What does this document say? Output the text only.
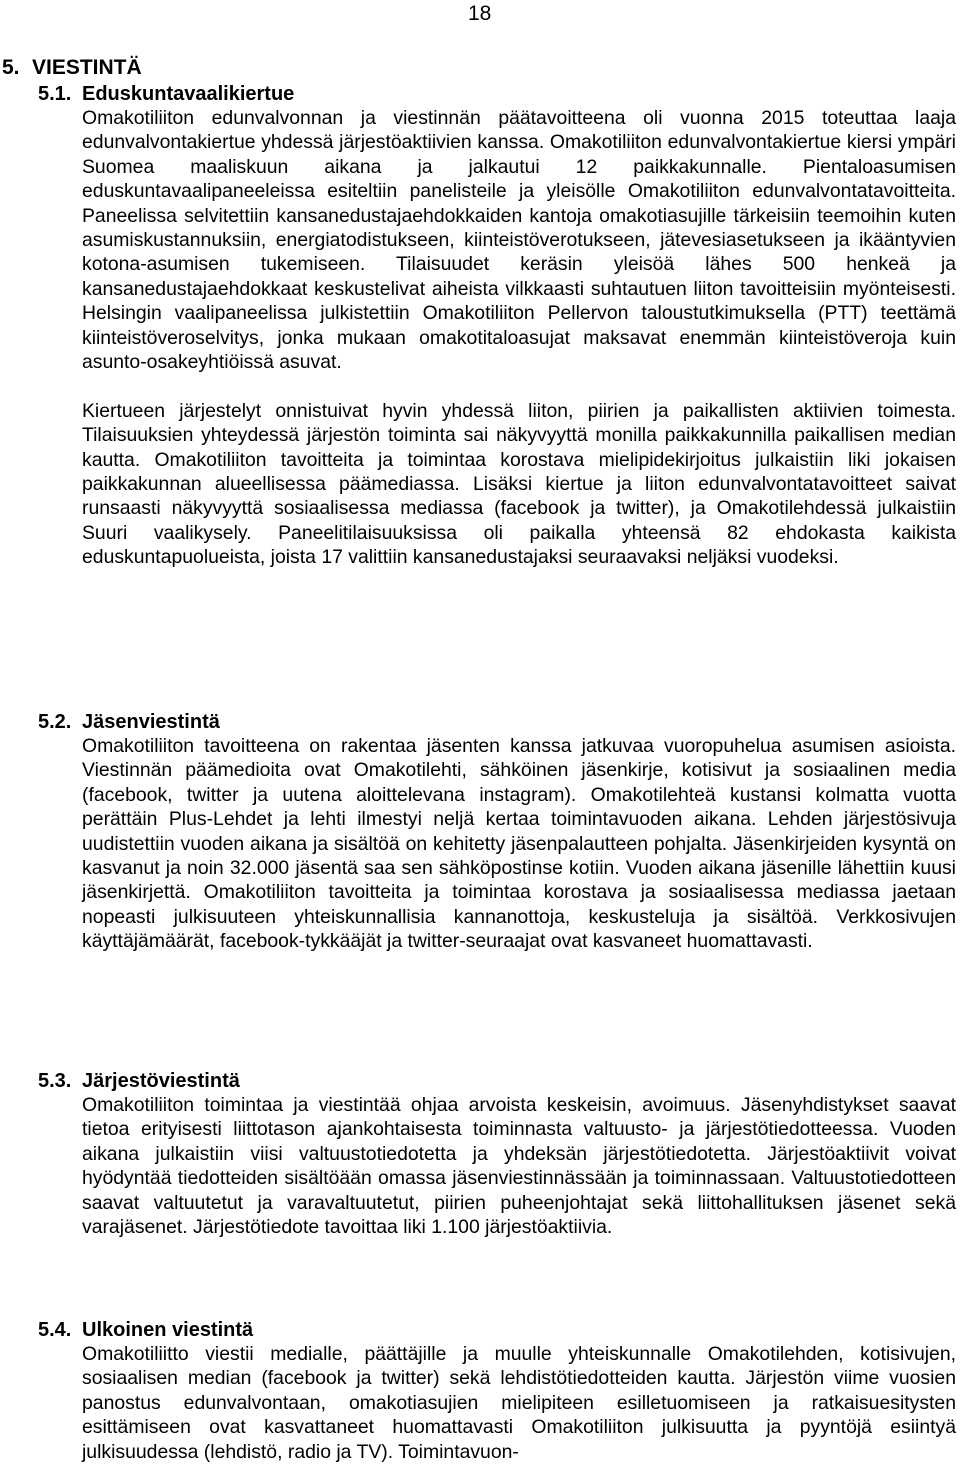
18
5. VIESTINTÄ
5.1. Eduskuntavaalikiertue

Omakotiliiton edunvalvonnan ja viestinnän päätavoitteena oli vuonna 2015 toteuttaa laaja edunvalvontakiertue yhdessä järjestöaktiivien kanssa. Omakotiliiton edunvalvontakiertue kiersi ympäri Suomea maaliskuun aikana ja jalkautui 12 paikkakunnalle. Pientaloasumisen eduskuntavaalipaneeleissa esiteltiin panelisteile ja yleisölle Omakotiliiton edunvalvontatavoitteita. Paneelissa selvitettiin kansanedustajaehdokkaiden kantoja omakotiasujille tärkeisiin teemoihin kuten asumiskustannuksiin, energiatodistukseen, kiinteistöverotukseen, jätevesiasetukseen ja ikääntyvien kotona-asumisen tukemiseen. Tilaisuudet keräsin yleisöä lähes 500 henkeä ja kansanedustajaehdokkaat keskustelivat aiheista vilkkaasti suhtautuen liiton tavoitteisiin myönteisesti. Helsingin vaalipaneelissa julkistettiin Omakotiliiton Pellervon taloustutkimuksella (PTT) teettämä kiinteistöveroselvitys, jonka mukaan omakotitaloasujat maksavat enemmän kiinteistöveroja kuin asunto-osakeyhtiöissä asuvat.

Kiertueen järjestelyt onnistuivat hyvin yhdessä liiton, piirien ja paikallisten aktiivien toimesta. Tilaisuuksien yhteydessä järjestön toiminta sai näkyvyyttä monilla paikkakunnilla paikallisen median kautta. Omakotiliiton tavoitteita ja toimintaa korostava mielipidekirjoitus julkaistiin liki jokaisen paikkakunnan alueellisessa päämediassa. Lisäksi kiertue ja liiton edunvalvontatavoitteet saivat runsaasti näkyvyyttä sosiaalisessa mediassa (facebook ja twitter), ja Omakotilehdessä julkaistiin Suuri vaalikysely. Paneelitilaisuuksissa oli paikalla yhteensä 82 ehdokasta kaikista eduskuntapuolueista, joista 17 valittiin kansanedustajaksi seuraavaksi neljäksi vuodeksi.

5.2. Jäsenviestintä

Omakotiliiton tavoitteena on rakentaa jäsenten kanssa jatkuvaa vuoropuhelua asumisen asioista. Viestinnän päämedioita ovat Omakotilehti, sähköinen jäsenkirje, kotisivut ja sosiaalinen media (facebook, twitter ja uutena aloittelevana instagram). Omakotilehteä kustansi kolmatta vuotta perättäin Plus-Lehdet ja lehti ilmestyi neljä kertaa toimintavuoden aikana. Lehden järjestösivuja uudistettiin vuoden aikana ja sisältöä on kehitetty jäsenpalautteen pohjalta. Jäsenkirjeiden kysyntä on kasvanut ja noin 32.000 jäsentä saa sen sähköpostinse kotiin. Vuoden aikana jäsenille lähettiin kuusi jäsenkirjettä. Omakotiliiton tavoitteita ja toimintaa korostava ja sosiaalisessa mediassa jaetaan nopeasti julkisuuteen yhteiskunnallisia kannanottoja, keskusteluja ja sisältöä. Verkkosivujen käyttäjämäärät, facebook-tykkääjät ja twitter-seuraajat ovat kasvaneet huomattavasti.

5.3. Järjestöviestintä

Omakotiliiton toimintaa ja viestintää ohjaa arvoista keskeisin, avoimuus. Jäsenyhdistykset saavat tietoa erityisesti liittotason ajankohtaisesta toiminnasta valtuusto- ja järjestötiedotteessa. Vuoden aikana julkaistiin viisi valtuustotiedotetta ja yhdeksän järjestötiedotetta. Järjestöaktiivit voivat hyödyntää tiedotteiden sisältöään omassa jäsenviestinnässään ja toiminnassaan. Valtuustotiedotteen saavat valtuutetut ja varavaltuutetut, piirien puheenjohtajat sekä liittohallituksen jäsenet sekä varajäsenet. Järjestötiedote tavoittaa liki 1.100 järjestöaktiivia.

5.4. Ulkoinen viestintä

Omakotiliitto viestii medialle, päättäjille ja muulle yhteiskunnalle Omakotilehden, kotisivujen, sosiaalisen median (facebook ja twitter) sekä lehdistötiedotteiden kautta. Järjestön viime vuosien panostus edunvalvontaan, omakotiasujien mielipiteen esilletuomiseen ja ratkaisuesitysten esittämiseen ovat kasvattaneet huomattavasti Omakotiliiton julkisuutta ja pyyntöjä esiintyä julkisuudessa (lehdistö, radio ja TV). Toimintavuon-
